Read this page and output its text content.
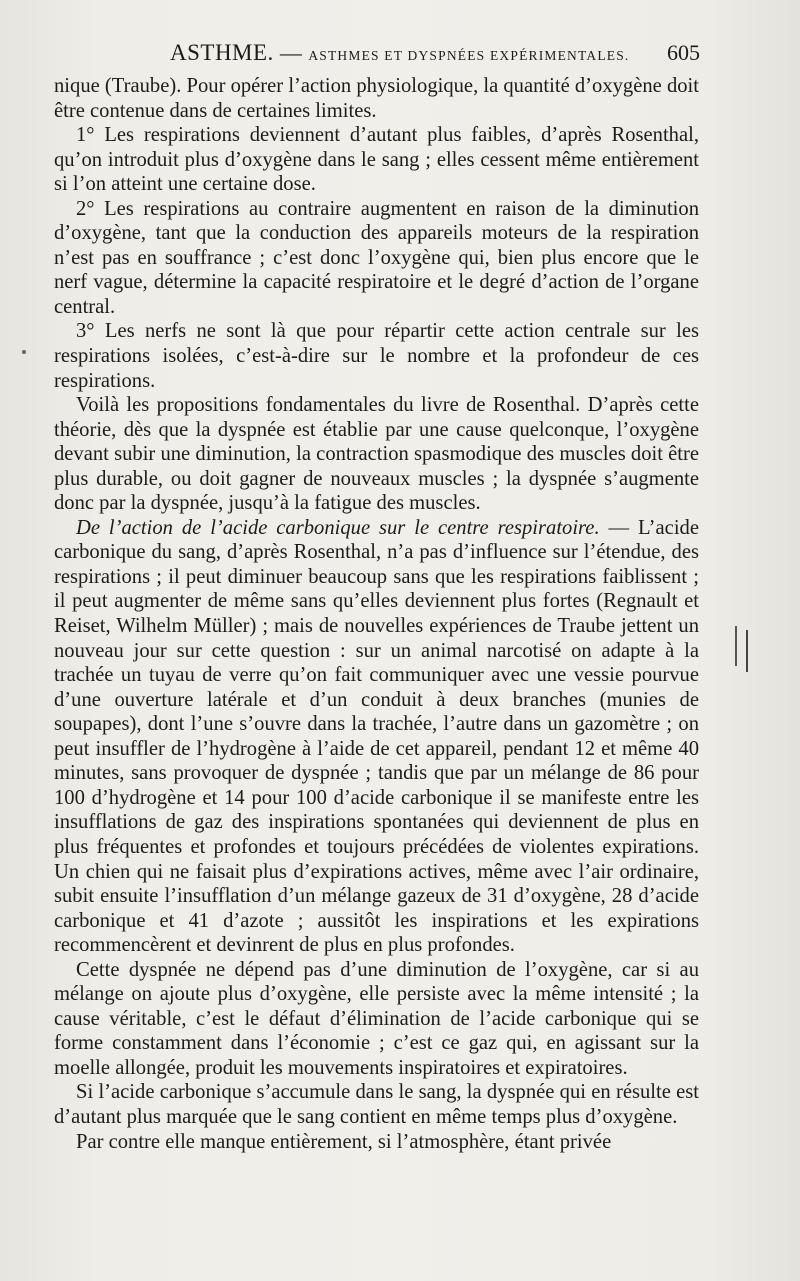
ASTHME. — ASTHMES ET DYSPNÉES EXPÉRIMENTALES. 605

nique (Traube). Pour opérer l’action physiologique, la quantité d’oxygène doit être contenue dans de certaines limites.

1° Les respirations deviennent d’autant plus faibles, d’après Rosenthal, qu’on introduit plus d’oxygène dans le sang ; elles cessent même entièrement si l’on atteint une certaine dose.

2° Les respirations au contraire augmentent en raison de la diminution d’oxygène, tant que la conduction des appareils moteurs de la respiration n’est pas en souffrance ; c’est donc l’oxygène qui, bien plus encore que le nerf vague, détermine la capacité respiratoire et le degré d’action de l’organe central.

3° Les nerfs ne sont là que pour répartir cette action centrale sur les respirations isolées, c’est-à-dire sur le nombre et la profondeur de ces respirations.

Voilà les propositions fondamentales du livre de Rosenthal. D’après cette théorie, dès que la dyspnée est établie par une cause quelconque, l’oxygène devant subir une diminution, la contraction spasmodique des muscles doit être plus durable, ou doit gagner de nouveaux muscles ; la dyspnée s’augmente donc par la dyspnée, jusqu’à la fatigue des muscles.

De l’action de l’acide carbonique sur le centre respiratoire. — L’acide carbonique du sang, d’après Rosenthal, n’a pas d’influence sur l’étendue, des respirations ; il peut diminuer beaucoup sans que les respirations faiblissent ; il peut augmenter de même sans qu’elles deviennent plus fortes (Regnault et Reiset, Wilhelm Müller) ; mais de nouvelles expériences de Traube jettent un nouveau jour sur cette question : sur un animal narcotisé on adapte à la trachée un tuyau de verre qu’on fait communiquer avec une vessie pourvue d’une ouverture latérale et d’un conduit à deux branches (munies de soupapes), dont l’une s’ouvre dans la trachée, l’autre dans un gazomètre ; on peut insuffler de l’hydrogène à l’aide de cet appareil, pendant 12 et même 40 minutes, sans provoquer de dyspnée ; tandis que par un mélange de 86 pour 100 d’hydrogène et 14 pour 100 d’acide carbonique il se manifeste entre les insufflations de gaz des inspirations spontanées qui deviennent de plus en plus fréquentes et profondes et toujours précédées de violentes expirations. Un chien qui ne faisait plus d’expirations actives, même avec l’air ordinaire, subit ensuite l’insufflation d’un mélange gazeux de 31 d’oxygène, 28 d’acide carbonique et 41 d’azote ; aussitôt les inspirations et les expirations recommencèrent et devinrent de plus en plus profondes.

Cette dyspnée ne dépend pas d’une diminution de l’oxygène, car si au mélange on ajoute plus d’oxygène, elle persiste avec la même intensité ; la cause véritable, c’est le défaut d’élimination de l’acide carbonique qui se forme constamment dans l’économie ; c’est ce gaz qui, en agissant sur la moelle allongée, produit les mouvements inspiratoires et expiratoires.

Si l’acide carbonique s’accumule dans le sang, la dyspnée qui en résulte est d’autant plus marquée que le sang contient en même temps plus d’oxygène.

Par contre elle manque entièrement, si l’atmosphère, étant privée
